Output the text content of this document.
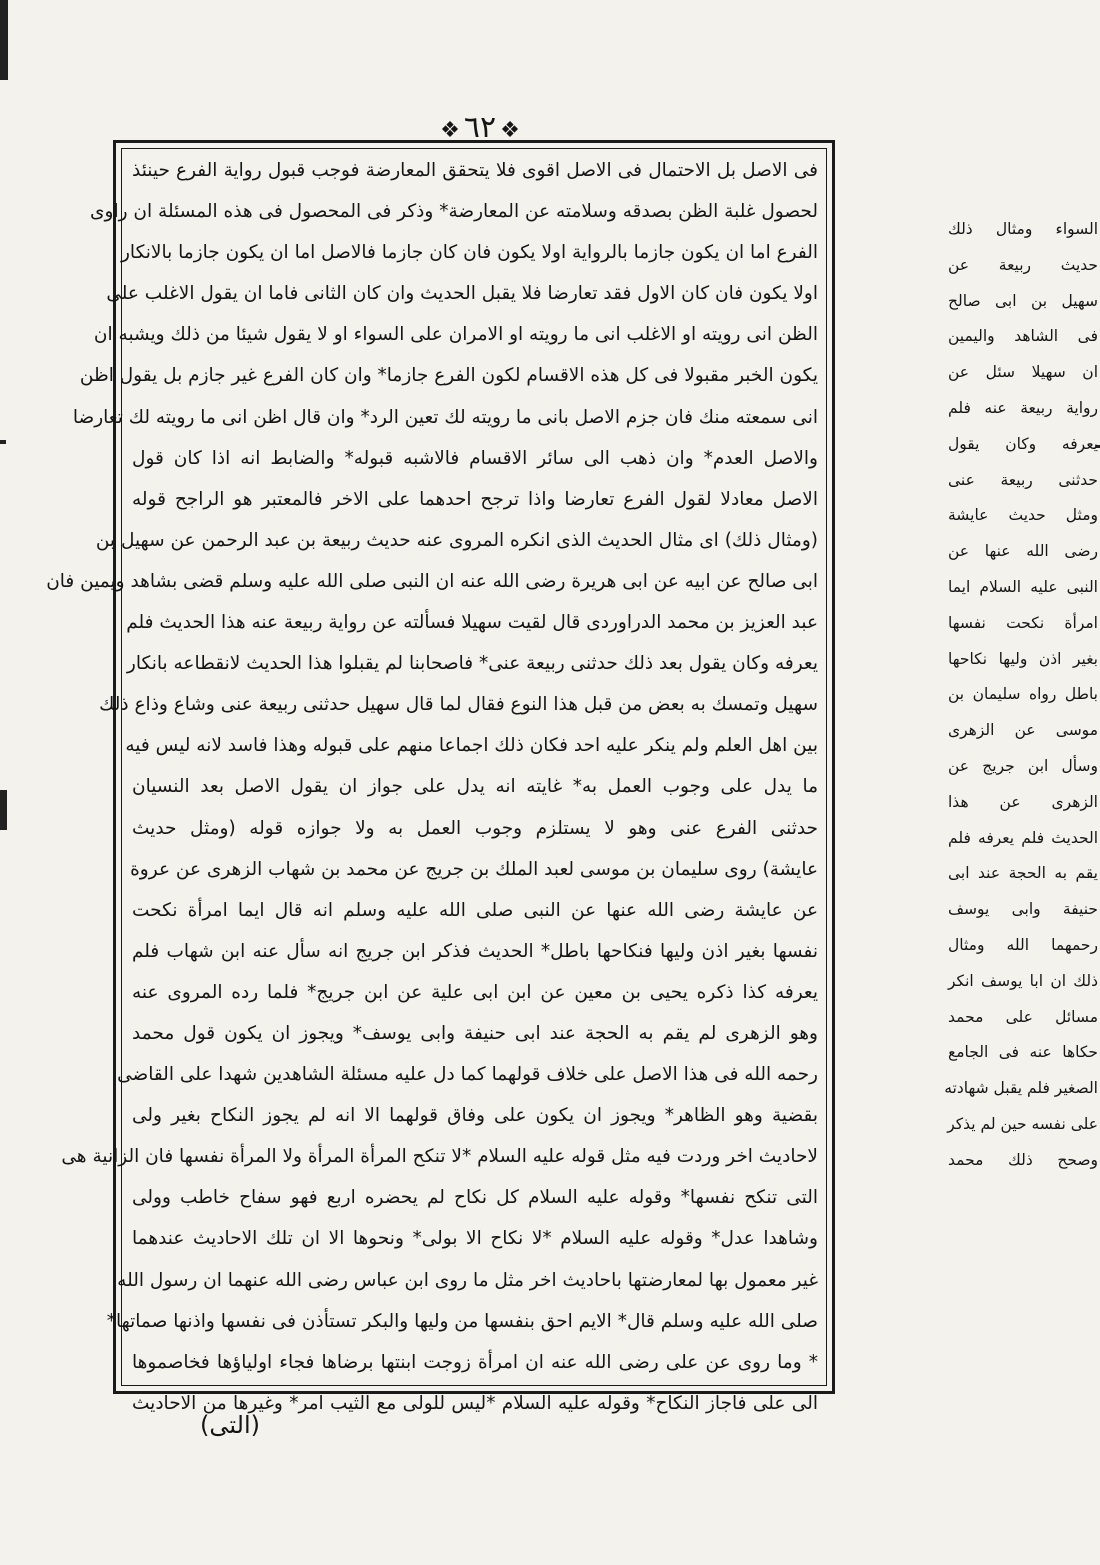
❖ ٦٢ ❖
فى الاصل بل الاحتمال فى الاصل اقوى فلا يتحقق المعارضة فوجب قبول رواية الفرع حينئذ
لحصول غلبة الظن بصدقه وسلامته عن المعارضة* وذكر فى المحصول فى هذه المسئلة ان راوى
الفرع اما ان يكون جازما بالرواية اولا يكون فان كان جازما فالاصل اما ان يكون جازما بالانكار
اولا يكون فان كان الاول فقد تعارضا فلا يقبل الحديث وان كان الثانى فاما ان يقول الاغلب على
الظن انى رويته او الاغلب انى ما رويته او الامران على السواء او لا يقول شيئا من ذلك ويشبه ان
يكون الخبر مقبولا فى كل هذه الاقسام لكون الفرع جازما* وان كان الفرع غير جازم بل يقول اظن
انى سمعته منك فان جزم الاصل بانى ما رويته لك تعين الرد* وان قال اظن انى ما رويته لك تعارضا
والاصل العدم* وان ذهب الى سائر الاقسام فالاشبه قبوله* والضابط انه اذا كان قول
الاصل معادلا لقول الفرع تعارضا واذا ترجح احدهما على الاخر فالمعتبر هو الراجح قوله
(ومثال ذلك) اى مثال الحديث الذى انكره المروى عنه حديث ربيعة بن عبد الرحمن عن سهيل بن
ابى صالح عن ابيه عن ابى هريرة رضى الله عنه ان النبى صلى الله عليه وسلم قضى بشاهد ويمين فان
عبد العزيز بن محمد الدراوردى قال لقيت سهيلا فسألته عن رواية ربيعة عنه هذا الحديث فلم
يعرفه وكان يقول بعد ذلك حدثنى ربيعة عنى* فاصحابنا لم يقبلوا هذا الحديث لانقطاعه بانكار
سهيل وتمسك به بعض من قبل هذا النوع فقال لما قال سهيل حدثنى ربيعة عنى وشاع وذاع ذلك
بين اهل العلم ولم ينكر عليه احد فكان ذلك اجماعا منهم على قبوله وهذا فاسد لانه ليس فيه
ما يدل على وجوب العمل به* غايته انه يدل على جواز ان يقول الاصل بعد النسيان
حدثنى الفرع عنى وهو لا يستلزم وجوب العمل به ولا جوازه قوله (ومثل حديث
عايشة) روى سليمان بن موسى لعبد الملك بن جريج عن محمد بن شهاب الزهرى عن عروة
عن عايشة رضى الله عنها عن النبى صلى الله عليه وسلم انه قال ايما امرأة نكحت
نفسها بغير اذن وليها فنكاحها باطل* الحديث فذكر ابن جريج انه سأل عنه ابن شهاب فلم
يعرفه كذا ذكره يحيى بن معين عن ابن ابى علية عن ابن جريج* فلما رده المروى عنه
وهو الزهرى لم يقم به الحجة عند ابى حنيفة وابى يوسف* ويجوز ان يكون قول محمد
رحمه الله فى هذا الاصل على خلاف قولهما كما دل عليه مسئلة الشاهدين شهدا على القاضى
بقضية وهو الظاهر* ويجوز ان يكون على وفاق قولهما الا انه لم يجوز النكاح بغير ولى
لاحاديث اخر وردت فيه مثل قوله عليه السلام *لا تنكح المرأة المرأة ولا المرأة نفسها فان الزانية هى
التى تنكح نفسها* وقوله عليه السلام كل نكاح لم يحضره اربع فهو سفاح خاطب وولى
وشاهدا عدل* وقوله عليه السلام *لا نكاح الا بولى* ونحوها الا ان تلك الاحاديث عندهما
غير معمول بها لمعارضتها باحاديث اخر مثل ما روى ابن عباس رضى الله عنهما ان رسول الله
صلى الله عليه وسلم قال* الايم احق بنفسها من وليها والبكر تستأذن فى نفسها واذنها صماتها*
* وما روى عن على رضى الله عنه ان امرأة زوجت ابنتها برضاها فجاء اولياؤها فخاصموها
الى على فاجاز النكاح* وقوله عليه السلام *ليس للولى مع الثيب امر* وغيرها من الاحاديث
السواء ومثال ذلك
حديث ربيعة عن
سهيل بن ابى صالح
فى الشاهد واليمين
ان سهيلا سئل عن
رواية ربيعة عنه فلم
يعرفه وكان يقول
حدثنى ربيعة عنى
ومثل حديث عايشة
رضى الله عنها عن
النبى عليه السلام ايما
امرأة نكحت نفسها
بغير اذن وليها نكاحها
باطل رواه سليمان بن
موسى عن الزهرى
وسأل ابن جريج عن
الزهرى عن هذا
الحديث فلم يعرفه فلم
يقم به الحجة عند ابى
حنيفة وابى يوسف
رحمهما الله ومثال
ذلك ان ابا يوسف انكر
مسائل على محمد
حكاها عنه فى الجامع
الصغير فلم يقبل شهادته
على نفسه حين لم يذكر
وصحح ذلك محمد
(التى)
